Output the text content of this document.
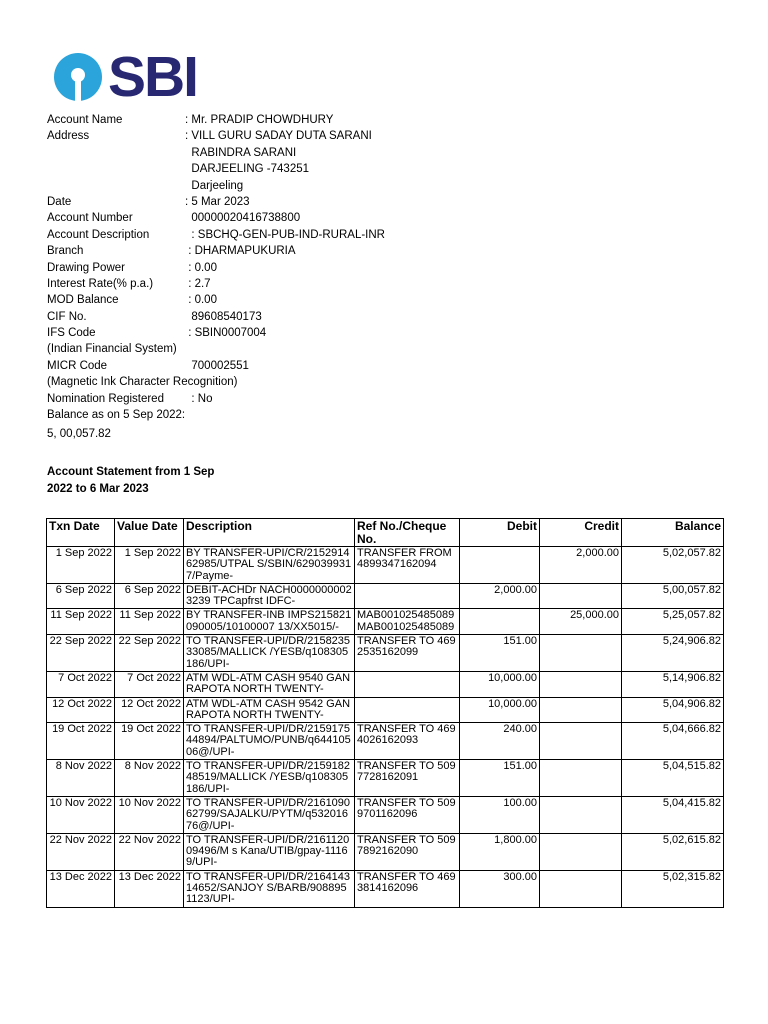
SBI
Account Name	: Mr. PRADIP CHOWDHURY
Address	: VILL GURU SADAY DUTA SARANI
RABINDRA SARANI
DARJEELING -743251
Darjeeling
Date	: 5 Mar 2023
Account Number	00000020416738800
Account Description	: SBCHQ-GEN-PUB-IND-RURAL-INR
Branch	: DHARMAPUKURIA
Drawing Power	: 0.00
Interest Rate(% p.a.)	: 2.7
MOD Balance	: 0.00
CIF No.	89608540173
IFS Code	: SBIN0007004
(Indian Financial System)
MICR Code	700002551
(Magnetic Ink Character Recognition)
Nomination Registered : No
Balance as on 5 Sep 2022:
5, 00,057.82
Account Statement from 1 Sep
2022 to 6 Mar 2023
Txn Date	Value Date	Description	Ref No./Cheque No.	Debit	Credit	Balance
1 Sep 2022	1 Sep 2022	BY TRANSFER-UPI/CR/215291462985/UTPAL S/SBIN/6290399317/Payme-	TRANSFER FROM 4899347162094		2,000.00	5,02,057.82
6 Sep 2022	6 Sep 2022	DEBIT-ACHDr NACH00000000023239 TPCapfrst IDFC-		2,000.00		5,00,057.82
11 Sep 2022	11 Sep 2022	BY TRANSFER-INB IMPS215821090005/10100007 13/XX5015/-	MAB001025485089 MAB001025485089		25,000.00	5,25,057.82
22 Sep 2022	22 Sep 2022	TO TRANSFER-UPI/DR/215823533085/MALLICK /YESB/q108305186/UPI-	TRANSFER TO 4692535162099	151.00		5,24,906.82
7 Oct 2022	7 Oct 2022	ATM WDL-ATM CASH 9540 GANRAPOTA NORTH TWENTY-		10,000.00		5,14,906.82
12 Oct 2022	12 Oct 2022	ATM WDL-ATM CASH 9542 GANRAPOTA NORTH TWENTY-		10,000.00		5,04,906.82
19 Oct 2022	19 Oct 2022	TO TRANSFER-UPI/DR/215917544894/PALTUMO/PUNB/q64410506@/UPI-	TRANSFER TO 4694026162093	240.00		5,04,666.82
8 Nov 2022	8 Nov 2022	TO TRANSFER-UPI/DR/215918248519/MALLICK /YESB/q108305186/UPI-	TRANSFER TO 5097728162091	151.00		5,04,515.82
10 Nov 2022	10 Nov 2022	TO TRANSFER-UPI/DR/216109062799/SAJALKU/PYTM/q53201676@/UPI-	TRANSFER TO 5099701162096	100.00		5,04,415.82
22 Nov 2022	22 Nov 2022	TO TRANSFER-UPI/DR/216112009496/M s Kana/UTIB/gpay-11169/UPI-	TRANSFER TO 5097892162090	1,800.00		5,02,615.82
13 Dec 2022	13 Dec 2022	TO TRANSFER-UPI/DR/216414314652/SANJOY S/BARB/9088951123/UPI-	TRANSFER TO 4693814162096	300.00		5,02,315.82
